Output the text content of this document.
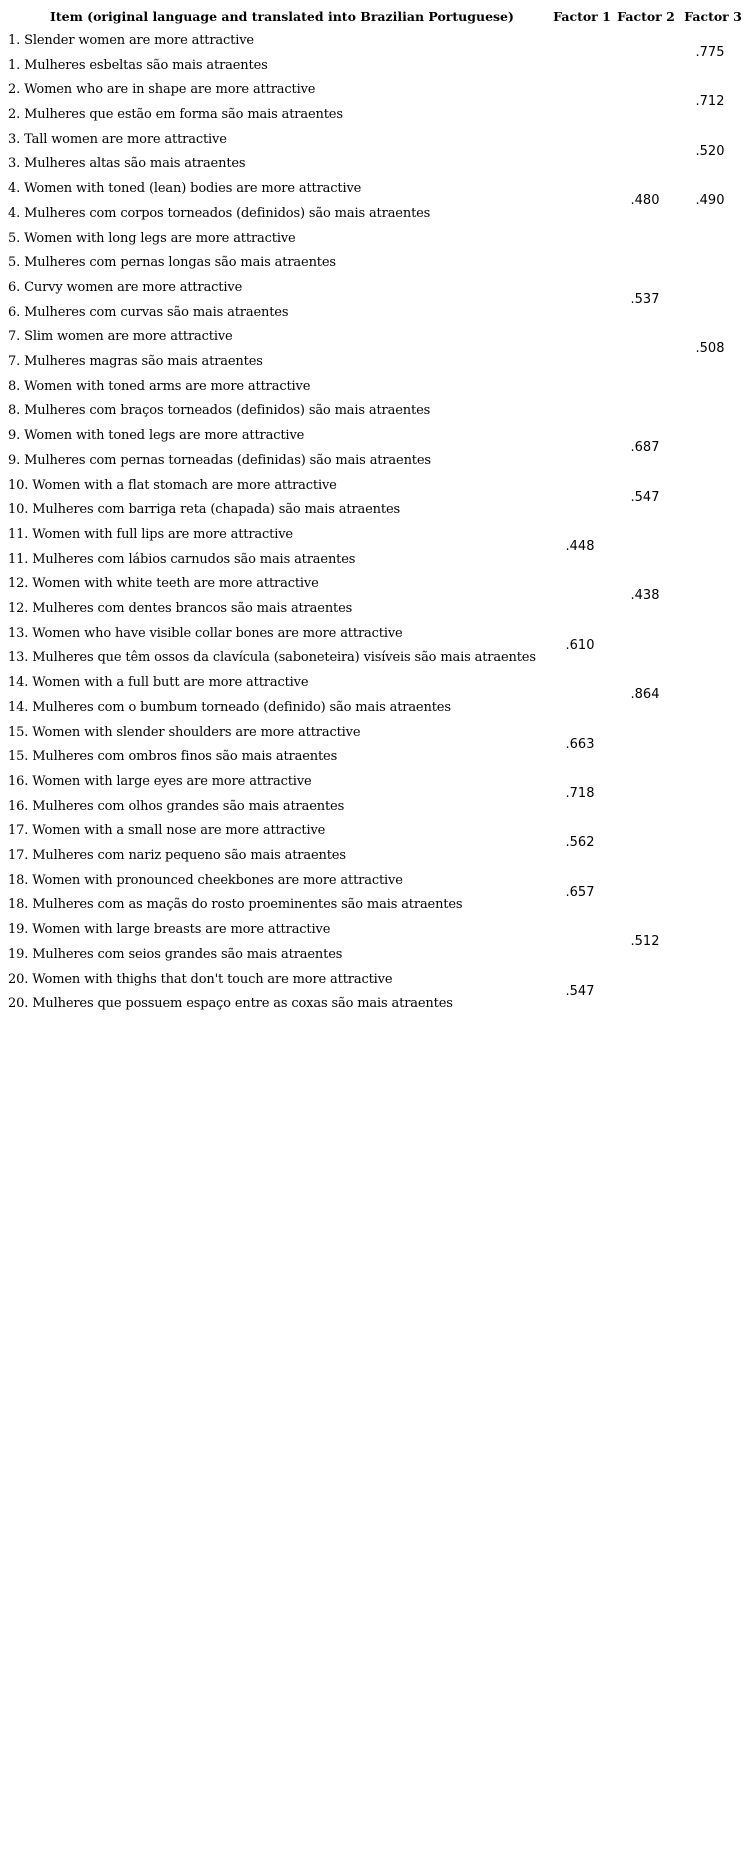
Item (original language and translated into Brazilian Portuguese)	Factor 1 Factor 2 Factor 3
1. Slender women are more attractive
1. Mulheres esbeltas são mais atraentes
.775
2. Women who are in shape are more attractive
2. Mulheres que estão em forma são mais atraentes
.712
3. Tall women are more attractive
3. Mulheres altas são mais atraentes
.520
4. Women with toned (lean) bodies are more attractive
4. Mulheres com corpos torneados (definidos) são mais atraentes
.480	.490
5. Women with long legs are more attractive
5. Mulheres com pernas longas são mais atraentes
6. Curvy women are more attractive
6. Mulheres com curvas são mais atraentes
.537
7. Slim women are more attractive
7. Mulheres magras são mais atraentes
.508
8. Women with toned arms are more attractive
8. Mulheres com braços torneados (definidos) são mais atraentes
9. Women with toned legs are more attractive
9. Mulheres com pernas torneadas (definidas) são mais atraentes
.687
10. Women with a flat stomach are more attractive
10. Mulheres com barriga reta (chapada) são mais atraentes
.547
11. Women with full lips are more attractive
11. Mulheres com lábios carnudos são mais atraentes
.448
12. Women with white teeth are more attractive
12. Mulheres com dentes brancos são mais atraentes
.438
13. Women who have visible collar bones are more attractive
13. Mulheres que têm ossos da clavícula (saboneteira) visíveis são mais atraentes
.610
14. Women with a full butt are more attractive
14. Mulheres com o bumbum torneado (definido) são mais atraentes
.864
15. Women with slender shoulders are more attractive
15. Mulheres com ombros finos são mais atraentes
.663
16. Women with large eyes are more attractive
16. Mulheres com olhos grandes são mais atraentes
.718
17. Women with a small nose are more attractive
17. Mulheres com nariz pequeno são mais atraentes
.562
18. Women with pronounced cheekbones are more attractive
18. Mulheres com as maçãs do rosto proeminentes são mais atraentes
.657
19. Women with large breasts are more attractive
19. Mulheres com seios grandes são mais atraentes
.512
20. Women with thighs that don't touch are more attractive
20. Mulheres que possuem espaço entre as coxas são mais atraentes
.547
